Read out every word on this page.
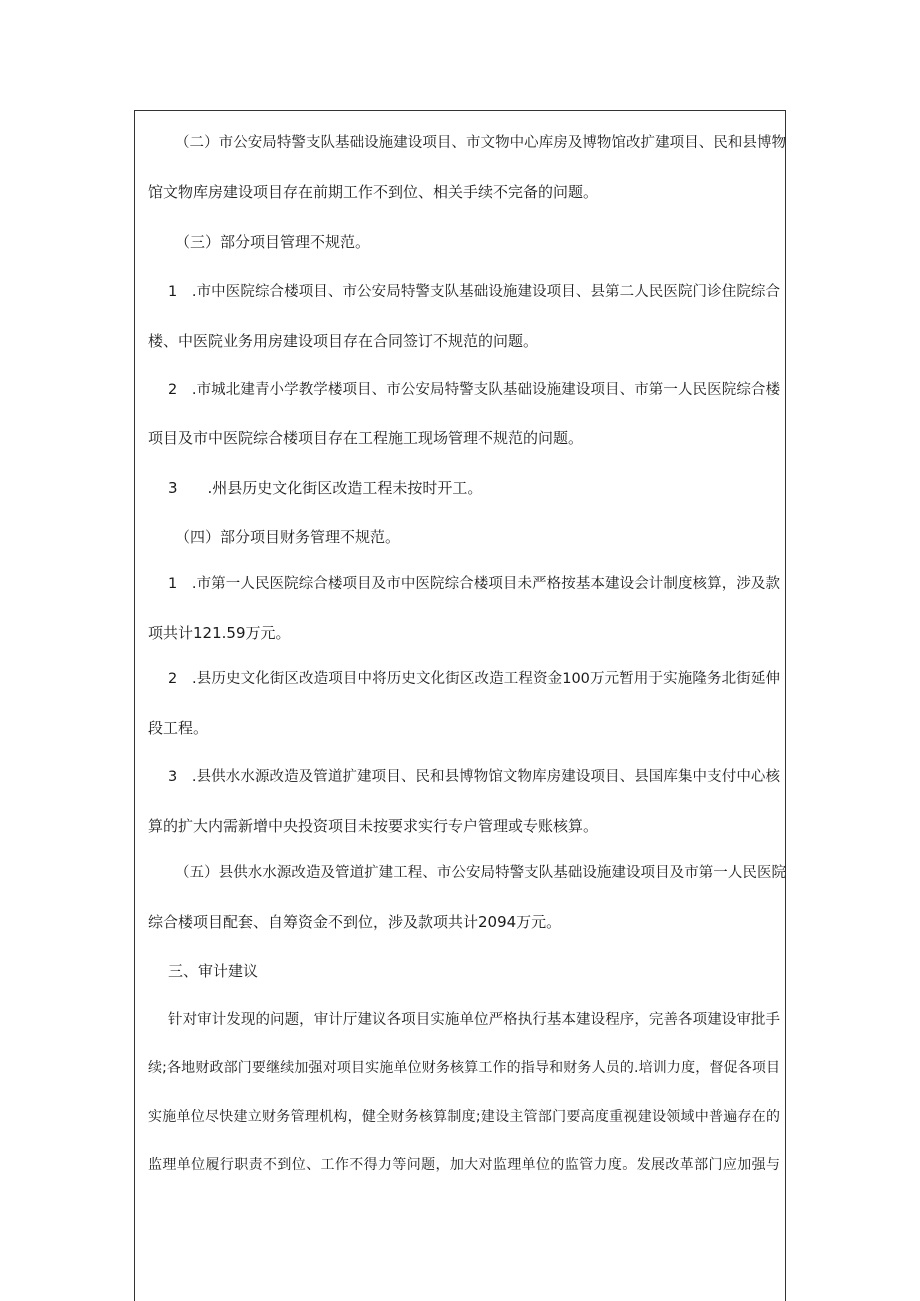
（二）市公安局特警支队基础设施建设项目、市文物中心库房及博物馆改扩建项目、民和县博物
馆文物库房建设项目存在前期工作不到位、相关手续不完备的问题。
（三）部分项目管理不规范。
1　.市中医院综合楼项目、市公安局特警支队基础设施建设项目、县第二人民医院门诊住院综合
楼、中医院业务用房建设项目存在合同签订不规范的问题。
2　.市城北建青小学教学楼项目、市公安局特警支队基础设施建设项目、市第一人民医院综合楼
项目及市中医院综合楼项目存在工程施工现场管理不规范的问题。
3　　.州县历史文化街区改造工程未按时开工。
（四）部分项目财务管理不规范。
1　.市第一人民医院综合楼项目及市中医院综合楼项目未严格按基本建设会计制度核算，涉及款
项共计121.59万元。
2　.县历史文化街区改造项目中将历史文化街区改造工程资金100万元暂用于实施隆务北街延伸
段工程。
3　.县供水水源改造及管道扩建项目、民和县博物馆文物库房建设项目、县国库集中支付中心核
算的扩大内需新增中央投资项目未按要求实行专户管理或专账核算。
（五）县供水水源改造及管道扩建工程、市公安局特警支队基础设施建设项目及市第一人民医院
综合楼项目配套、自筹资金不到位，涉及款项共计2094万元。
三、审计建议
针对审计发现的问题，审计厅建议各项目实施单位严格执行基本建设程序，完善各项建设审批手
续;各地财政部门要继续加强对项目实施单位财务核算工作的指导和财务人员的.培训力度，督促各项目
实施单位尽快建立财务管理机构，健全财务核算制度;建设主管部门要高度重视建设领域中普遍存在的
监理单位履行职责不到位、工作不得力等问题，加大对监理单位的监管力度。发展改革部门应加强与
